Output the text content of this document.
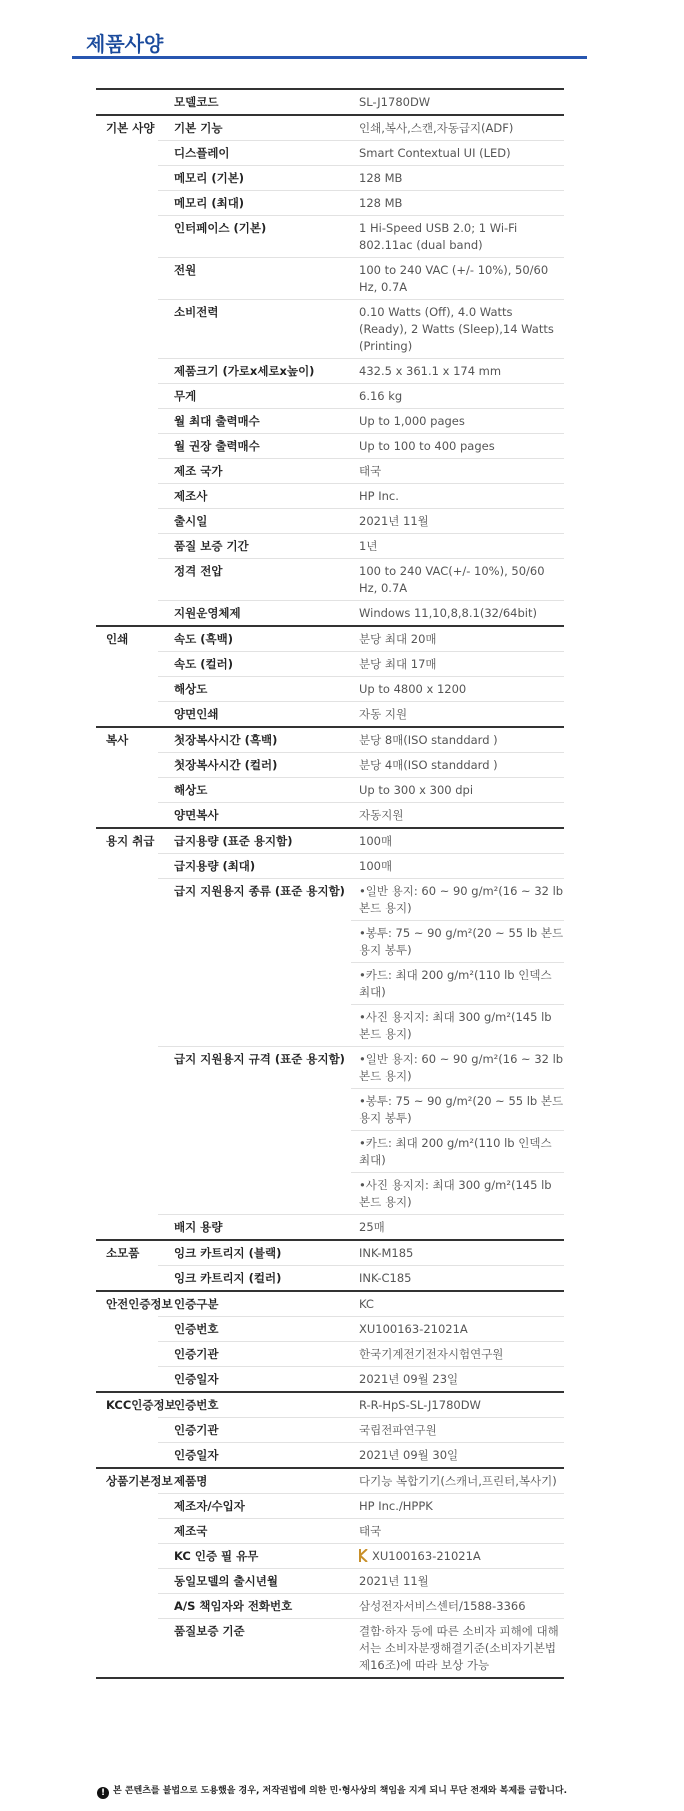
제품사양
	모델코드	SL-J1780DW
기본 사양	기본 기능	인쇄,복사,스캔,자동급지(ADF)
	디스플레이	Smart Contextual UI (LED)
	메모리 (기본)	128 MB
	메모리 (최대)	128 MB
	인터페이스 (기본)	1 Hi-Speed USB 2.0; 1 Wi-Fi 802.11ac (dual band)
	전원	100 to 240 VAC (+/- 10%), 50/60 Hz, 0.7A
	소비전력	0.10 Watts (Off), 4.0 Watts (Ready), 2 Watts (Sleep),14 Watts (Printing)
	제품크기 (가로x세로x높이)	432.5 x 361.1 x 174 mm
	무게	6.16 kg
	월 최대 출력매수	Up to 1,000 pages
	월 권장 출력매수	Up to 100 to 400 pages
	제조 국가	태국
	제조사	HP Inc.
	출시일	2021년 11월
	품질 보증 기간	1년
	정격 전압	100 to 240 VAC(+/- 10%), 50/60 Hz, 0.7A
	지원운영체제	Windows 11,10,8,8.1(32/64bit)
인쇄	속도 (흑백)	분당 최대 20매
	속도 (컬러)	분당 최대 17매
	해상도	Up to 4800 x 1200
	양면인쇄	자동 지원
복사	첫장복사시간 (흑백)	분당 8매(ISO standdard )
	첫장복사시간 (컬러)	분당 4매(ISO standdard )
	해상도	Up to 300 x 300 dpi
	양면복사	자동지원
용지 취급	급지용량 (표준 용지함)	100매
	급지용량 (최대)	100매
	급지 지원용지 종류 (표준 용지함)	•일반 용지: 60 ~ 90 g/m²(16 ~ 32 lb 본드 용지)
		•봉투: 75 ~ 90 g/m²(20 ~ 55 lb 본드 용지 봉투)
		•카드: 최대 200 g/m²(110 lb 인덱스 최대)
		•사진 용지지: 최대 300 g/m²(145 lb 본드 용지)
	급지 지원용지 규격 (표준 용지함)	•일반 용지: 60 ~ 90 g/m²(16 ~ 32 lb 본드 용지)
		•봉투: 75 ~ 90 g/m²(20 ~ 55 lb 본드 용지 봉투)
		•카드: 최대 200 g/m²(110 lb 인덱스 최대)
		•사진 용지지: 최대 300 g/m²(145 lb 본드 용지)
	배지 용량	25매
소모품	잉크 카트리지 (블랙)	INK-M185
	잉크 카트리지 (컬러)	INK-C185
안전인증정보	인증구분	KC
	인증번호	XU100163-21021A
	인증기관	한국기계전기전자시험연구원
	인증일자	2021년 09월 23일
KCC인증정보	인증번호	R-R-HpS-SL-J1780DW
	인증기관	국립전파연구원
	인증일자	2021년 09월 30일
상품기본정보	제품명	다기능 복합기기(스캐너,프린터,복사기)
	제조자/수입자	HP Inc./HPPK
	제조국	태국
	KC 인증 필 유무	XU100163-21021A
	동일모델의 출시년월	2021년 11월
	A/S 책임자와 전화번호	삼성전자서비스센터/1588-3366
	품질보증 기준	결함·하자 등에 따른 소비자 피해에 대해서는 소비자분쟁해결기준(소비자기본법 제16조)에 따라 보상 가능
! 본 콘텐츠를 불법으로 도용했을 경우, 저작권법에 의한 민·형사상의 책임을 지게 되니 무단 전재와 복제를 금합니다.
